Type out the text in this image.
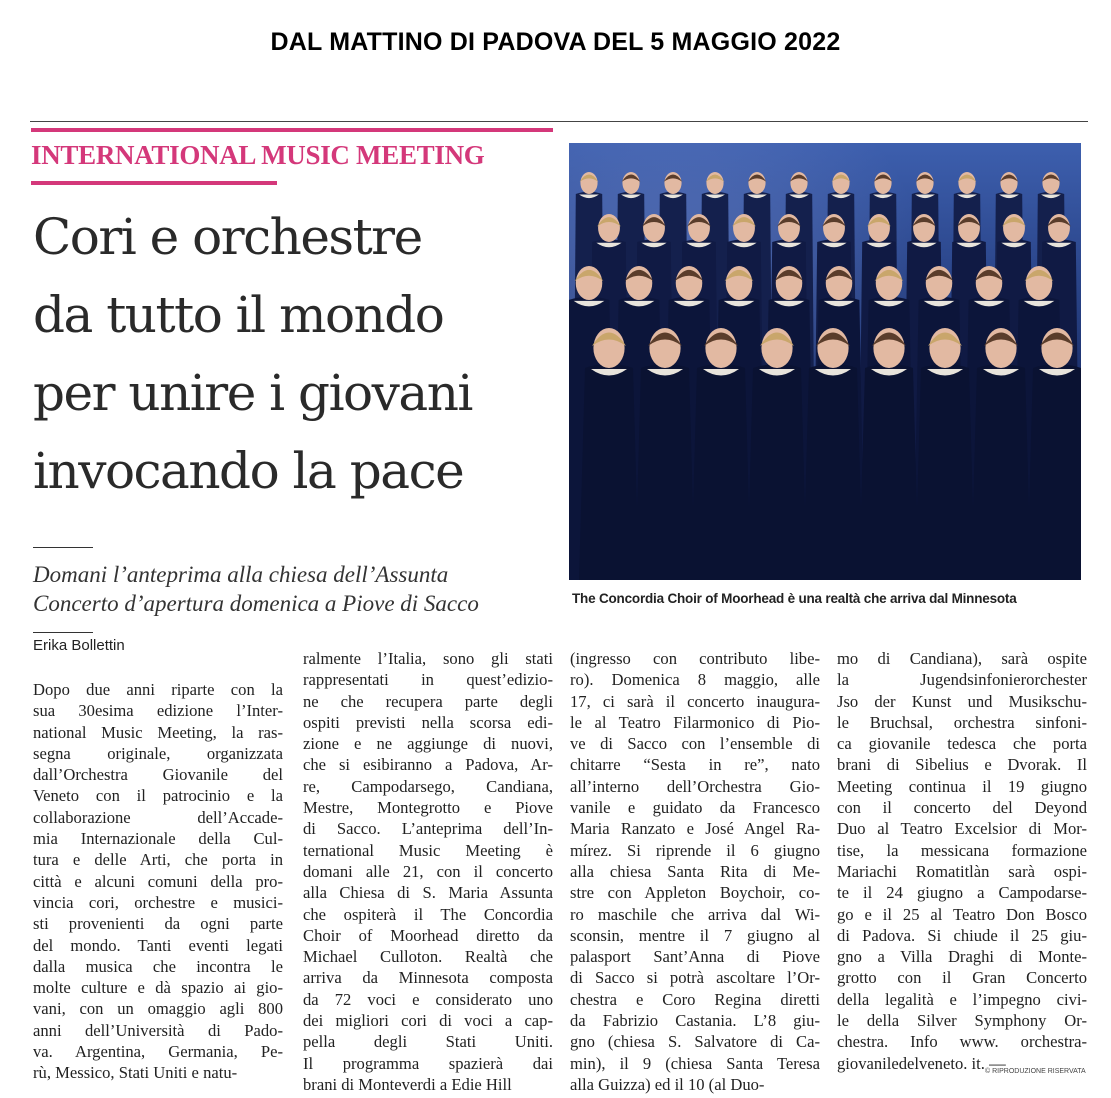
DAL MATTINO DI PADOVA DEL 5 MAGGIO 2022
INTERNATIONAL MUSIC MEETING
Cori e orchestre
da tutto il mondo
per unire i giovani
invocando la pace
Domani l’anteprima alla chiesa dell’Assunta
Concerto d’apertura domenica a Piove di Sacco
Erika Bollettin
The Concordia Choir of Moorhead è una realtà che arriva dal Minnesota
Dopo due anni riparte con la
sua 30esima edizione l’Inter-
national Music Meeting, la ras-
segna originale, organizzata
dall’Orchestra Giovanile del
Veneto con il patrocinio e la
collaborazione dell’Accade-
mia Internazionale della Cul-
tura e delle Arti, che porta in
città e alcuni comuni della pro-
vincia cori, orchestre e musici-
sti provenienti da ogni parte
del mondo. Tanti eventi legati
dalla musica che incontra le
molte culture e dà spazio ai gio-
vani, con un omaggio agli 800
anni dell’Università di Pado-
va. Argentina, Germania, Pe-
rù, Messico, Stati Uniti e natu-
ralmente l’Italia, sono gli stati
rappresentati in quest’edizio-
ne che recupera parte degli
ospiti previsti nella scorsa edi-
zione e ne aggiunge di nuovi,
che si esibiranno a Padova, Ar-
re, Campodarsego, Candiana,
Mestre, Montegrotto e Piove
di Sacco. L’anteprima dell’In-
ternational Music Meeting è
domani alle 21, con il concerto
alla Chiesa di S. Maria Assunta
che ospiterà il The Concordia
Choir of Moorhead diretto da
Michael Culloton. Realtà che
arriva da Minnesota composta
da 72 voci e considerato uno
dei migliori cori di voci a cap-
pella degli Stati Uniti.
Il programma spazierà dai
brani di Monteverdi a Edie Hill
(ingresso con contributo libe-
ro). Domenica 8 maggio, alle
17, ci sarà il concerto inaugura-
le al Teatro Filarmonico di Pio-
ve di Sacco con l’ensemble di
chitarre “Sesta in re”, nato
all’interno dell’Orchestra Gio-
vanile e guidato da Francesco
Maria Ranzato e José Angel Ra-
mírez. Si riprende il 6 giugno
alla chiesa Santa Rita di Me-
stre con Appleton Boychoir, co-
ro maschile che arriva dal Wi-
sconsin, mentre il 7 giugno al
palasport Sant’Anna di Piove
di Sacco si potrà ascoltare l’Or-
chestra e Coro Regina diretti
da Fabrizio Castania. L’8 giu-
gno (chiesa S. Salvatore di Ca-
min), il 9 (chiesa Santa Teresa
alla Guizza) ed il 10 (al Duo-
mo di Candiana), sarà ospite
la Jugendsinfonierorchester
Jso der Kunst und Musikschu-
le Bruchsal, orchestra sinfoni-
ca giovanile tedesca che porta
brani di Sibelius e Dvorak. Il
Meeting continua il 19 giugno
con il concerto del Deyond
Duo al Teatro Excelsior di Mor-
tise, la messicana formazione
Mariachi Romatitlàn sarà ospi-
te il 24 giugno a Campodarse-
go e il 25 al Teatro Don Bosco
di Padova. Si chiude il 25 giu-
gno a Villa Draghi di Monte-
grotto con il Gran Concerto
della legalità e l’impegno civi-
le della Silver Symphony Or-
chestra. Info www. orchestra-
giovaniledelveneto. it. —
© RIPRODUZIONE RISERVATA
